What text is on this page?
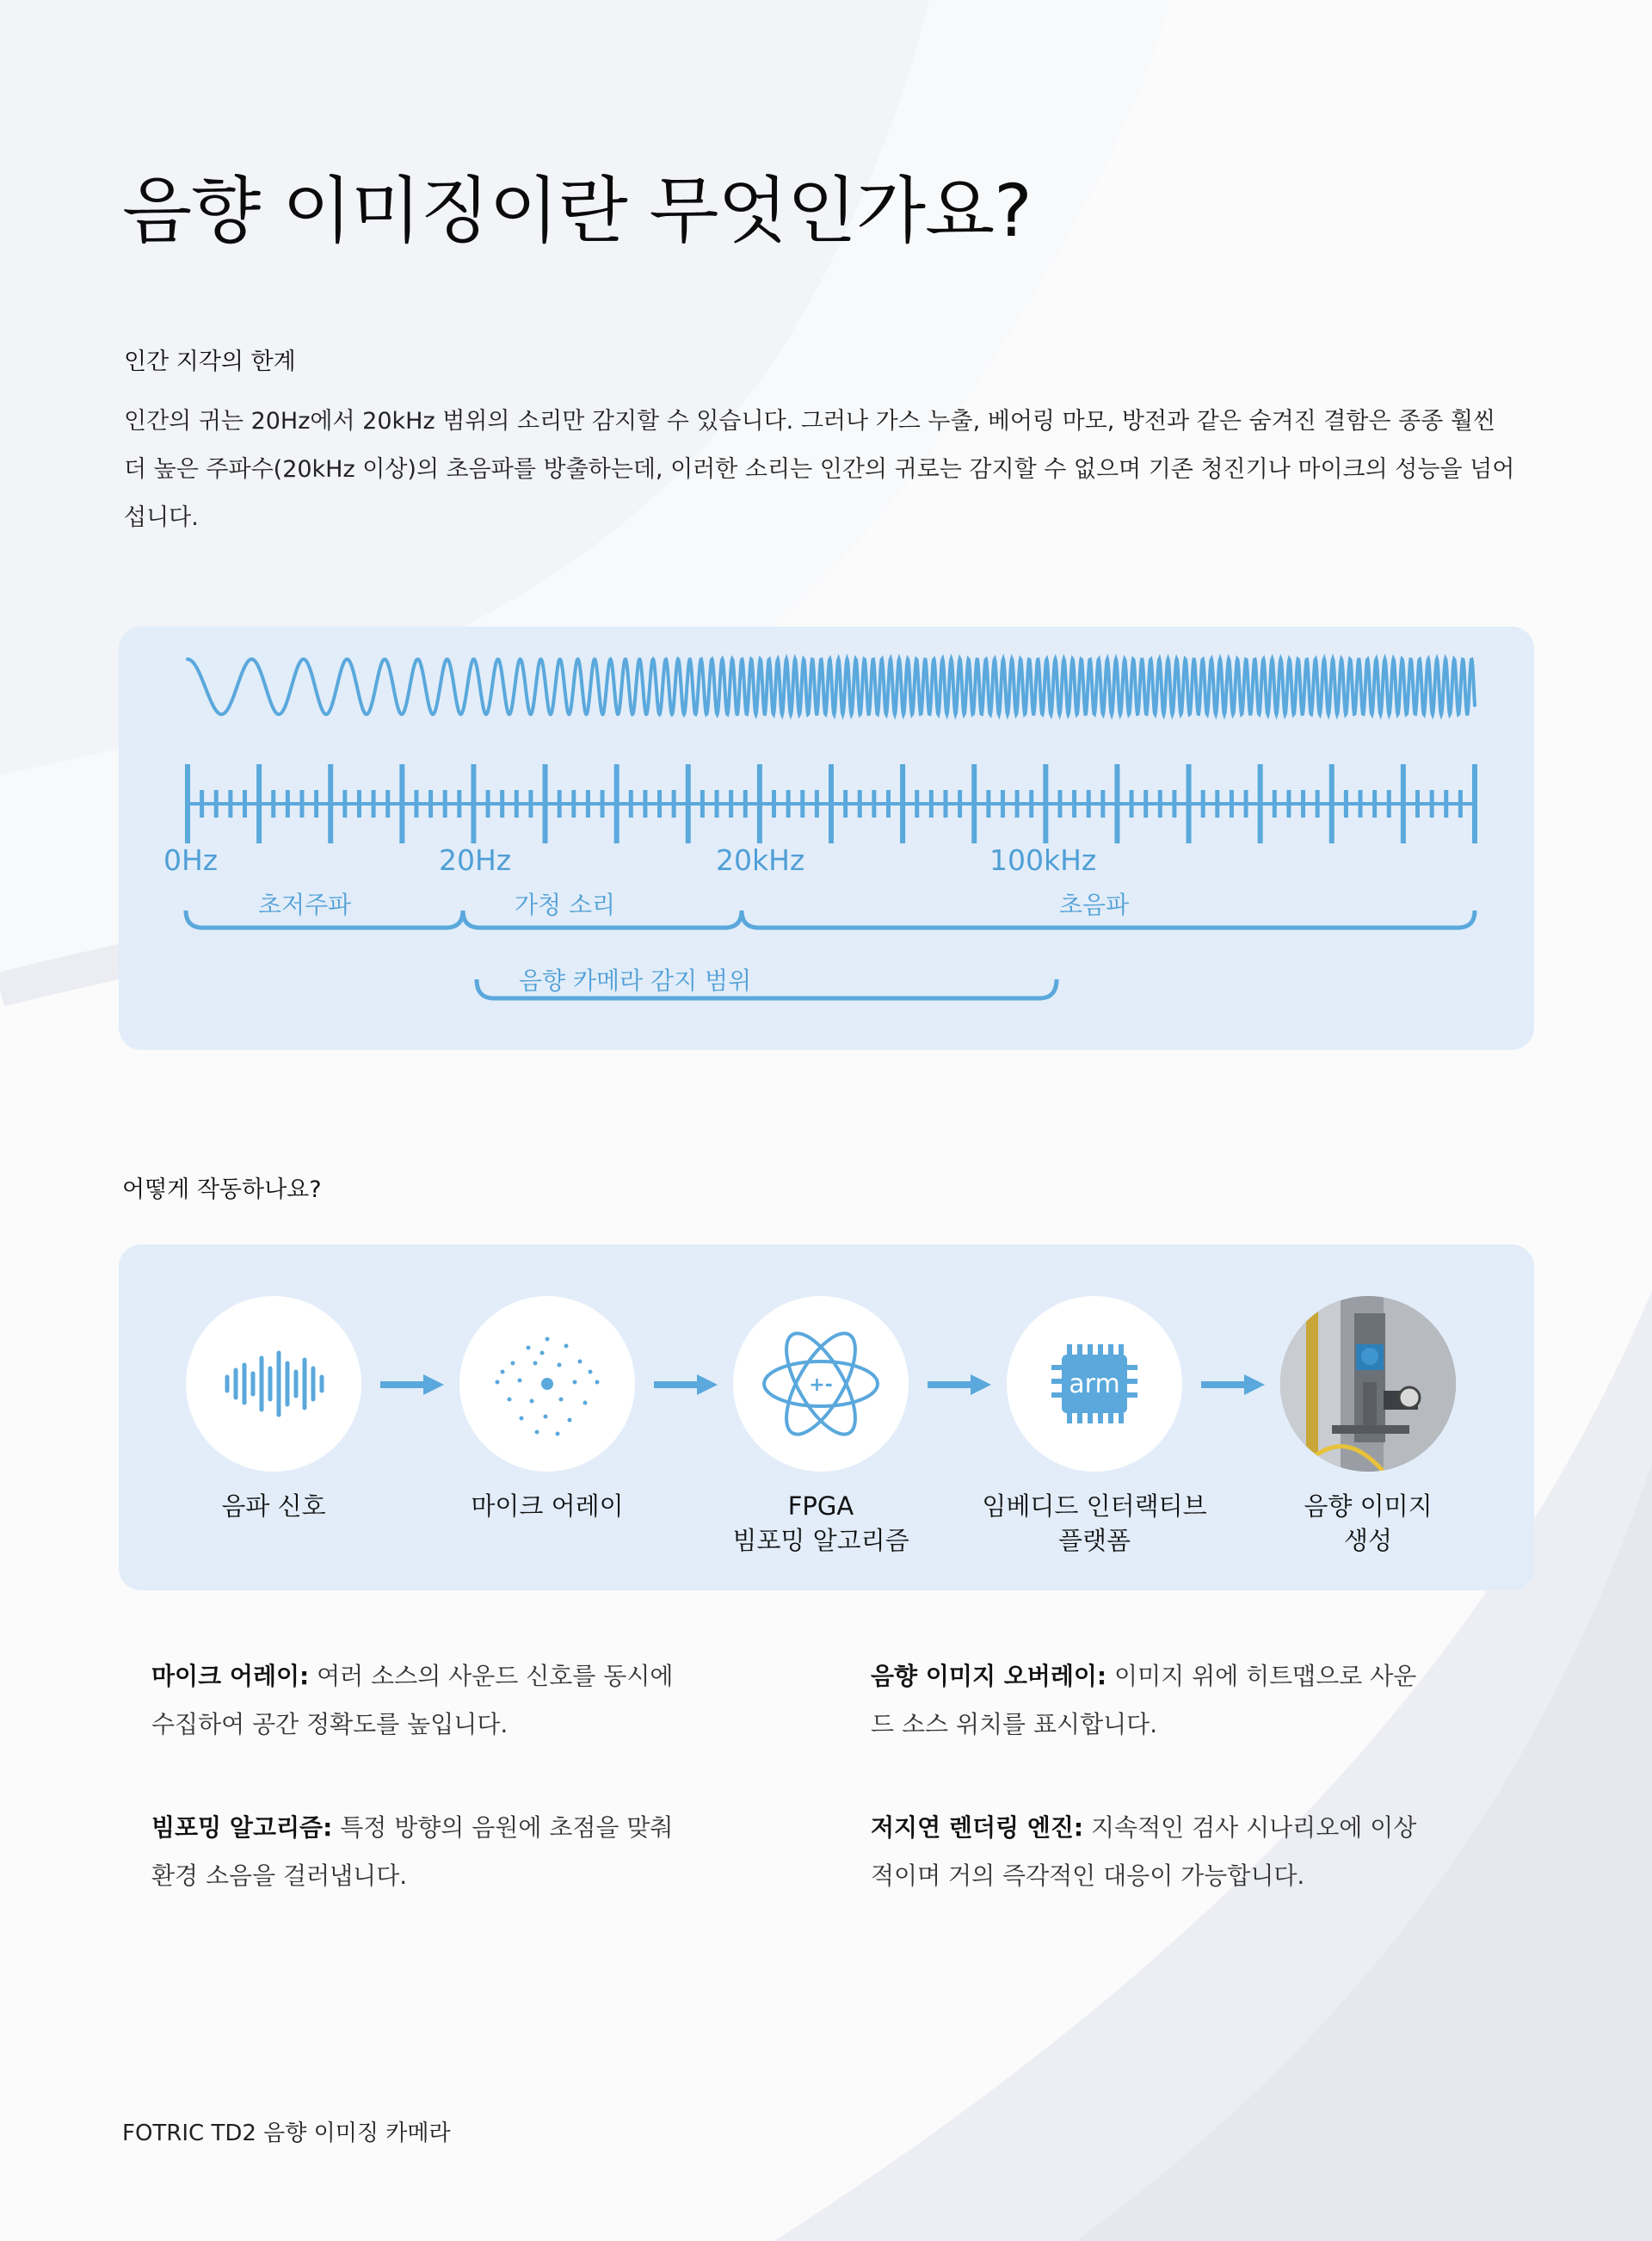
음향 이미징이란 무엇인가요?
인간 지각의 한계
인간의 귀는 20Hz에서 20kHz 범위의 소리만 감지할 수 있습니다. 그러나 가스 누출, 베어링 마모, 방전과 같은 숨겨진 결함은 종종 훨씬 더 높은 주파수(20kHz 이상)의 초음파를 방출하는데, 이러한 소리는 인간의 귀로는 감지할 수 없으며 기존 청진기나 마이크의 성능을 넘어섭니다.
0Hz	20Hz	20kHz	100kHz
초저주파	가청 소리	초음파
음향 카메라 감지 범위
어떻게 작동하나요?
+-	arm
음파 신호	마이크 어레이	FPGA
빔포밍 알고리즘
임베디드 인터랙티브
플랫폼
음향 이미지
생성
마이크 어레이: 여러 소스의 사운드 신호를 동시에 수집하여 공간 정확도를 높입니다.
음향 이미지 오버레이: 이미지 위에 히트맵으로 사운드 소스 위치를 표시합니다.
빔포밍 알고리즘: 특정 방향의 음원에 초점을 맞춰 환경 소음을 걸러냅니다.
저지연 렌더링 엔진: 지속적인 검사 시나리오에 이상적이며 거의 즉각적인 대응이 가능합니다.
FOTRIC TD2 음향 이미징 카메라
